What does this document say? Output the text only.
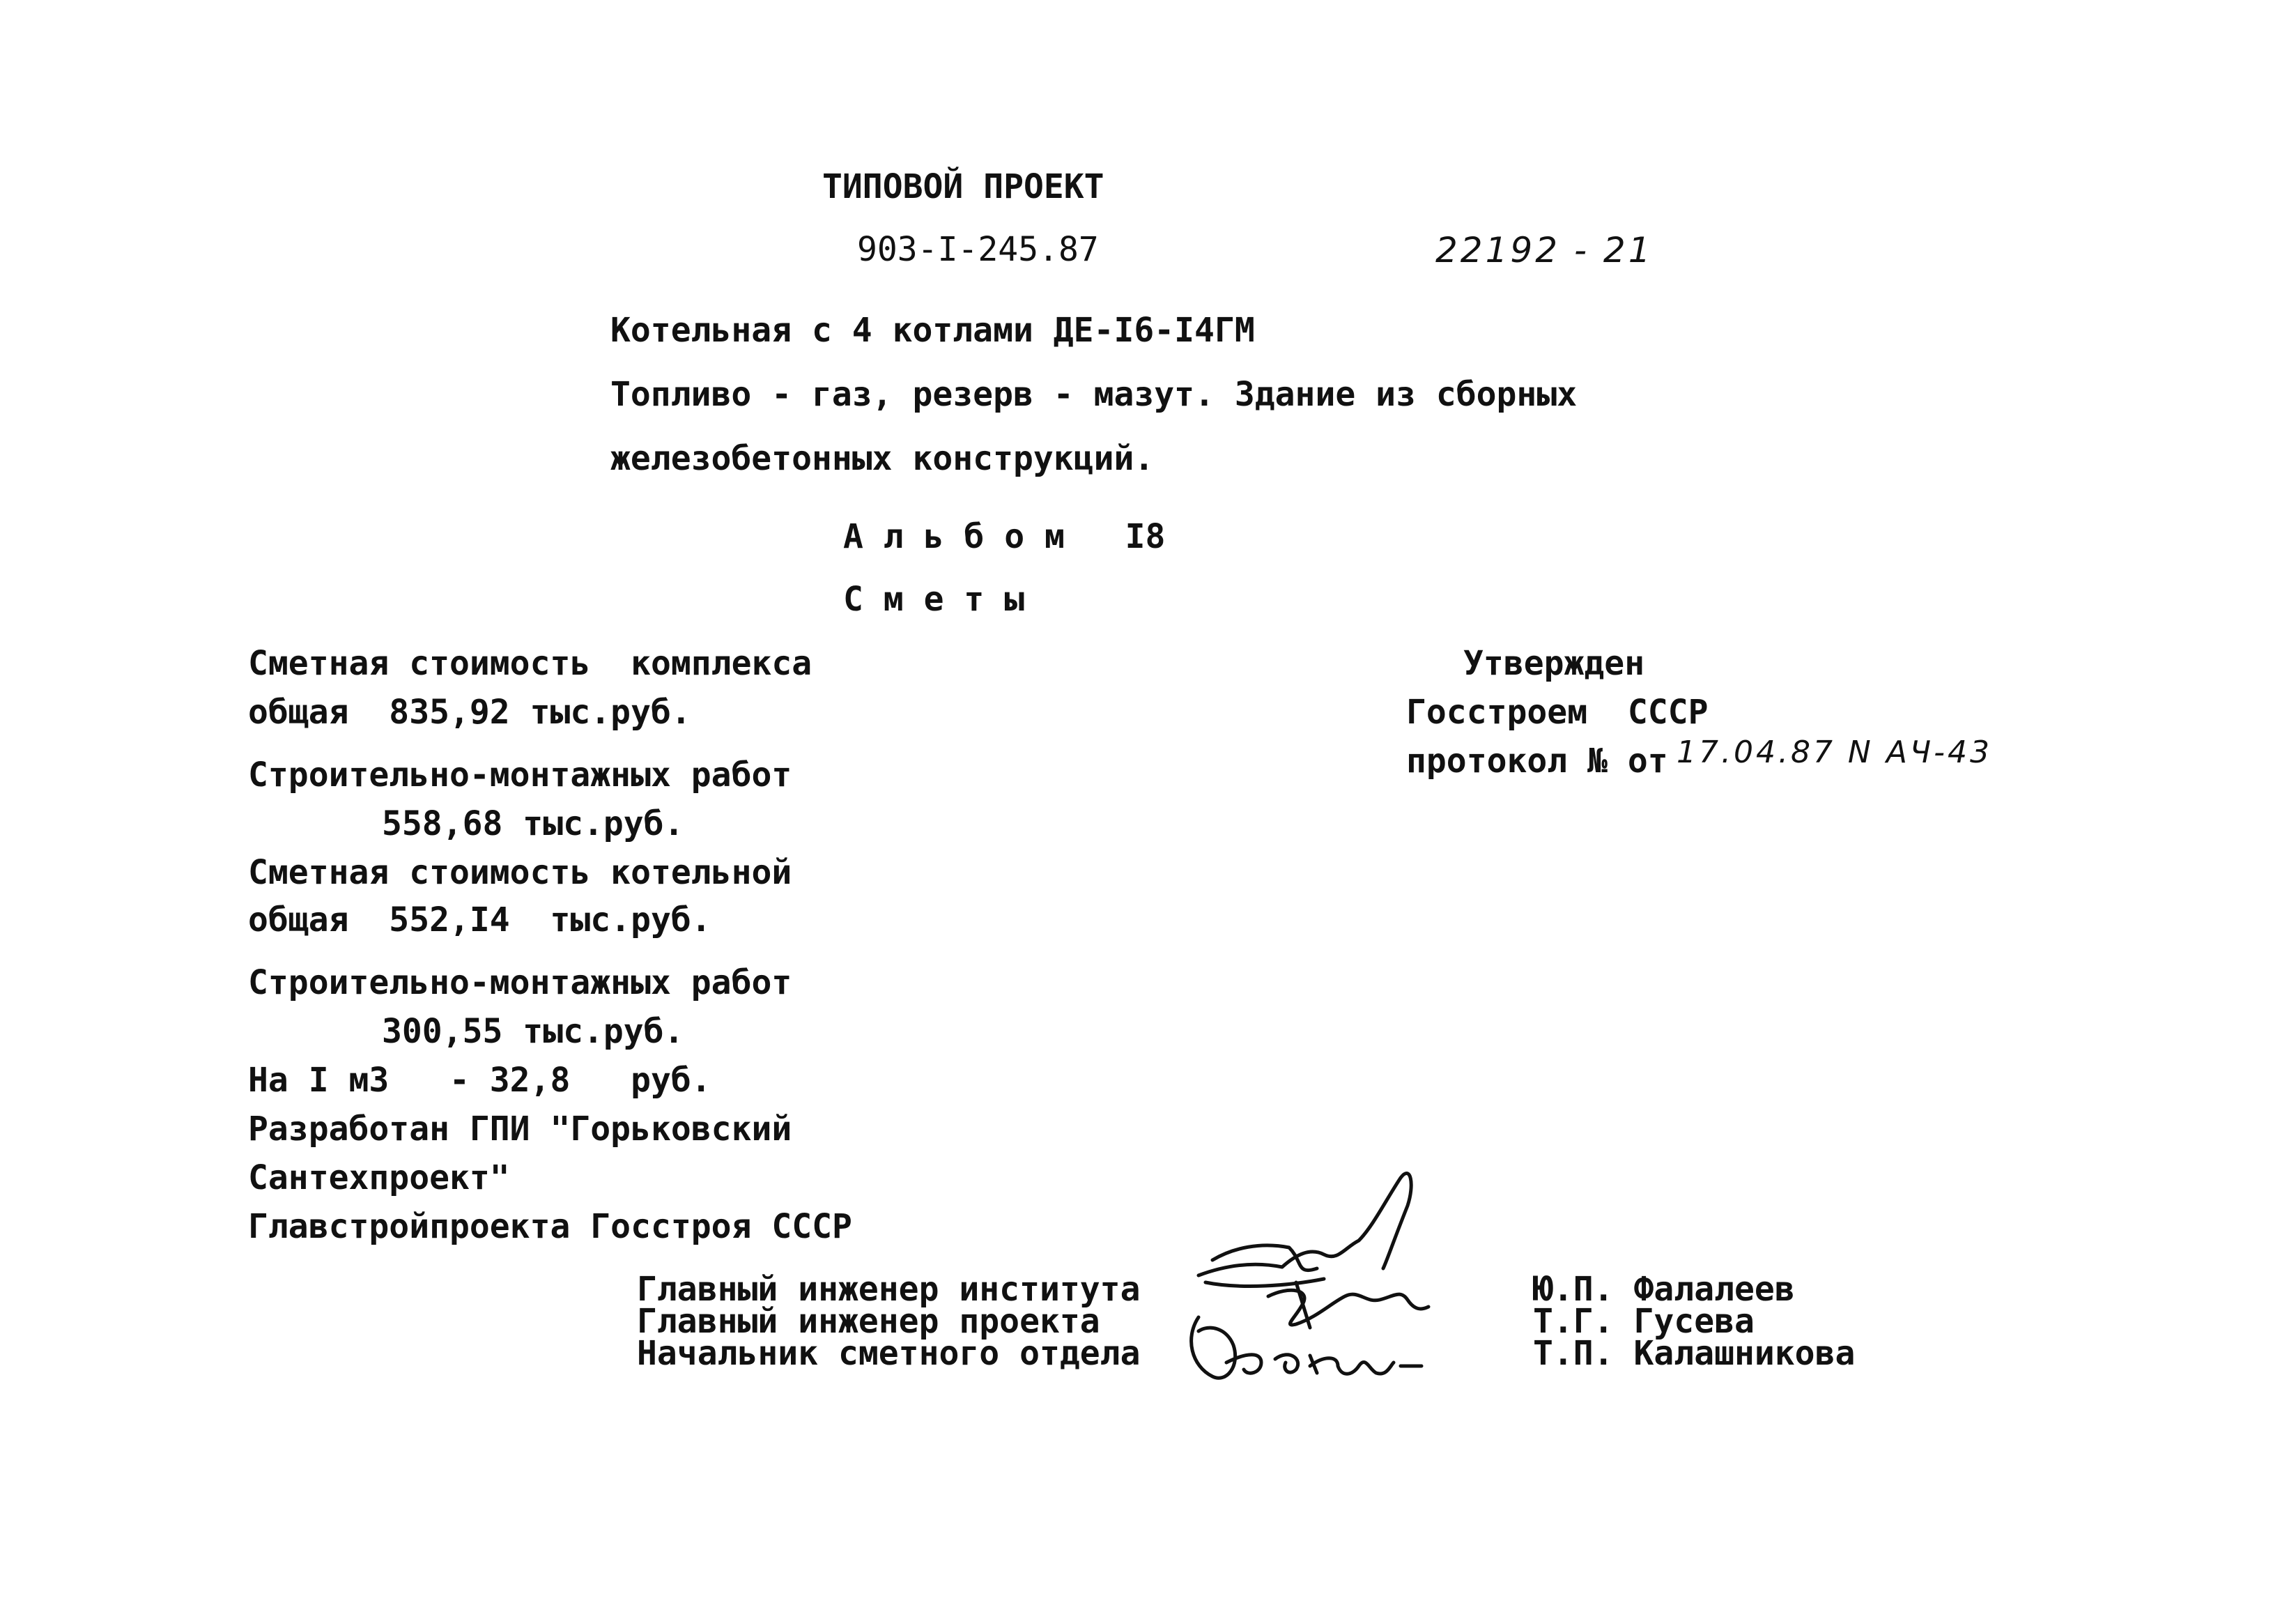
ТИПОВОЙ ПРОЕКТ
903-I-245.87	22192 - 21
Котельная с 4 котлами ДЕ-I6-I4ГМ
Топливо - газ, резерв - мазут. Здание из сборных
железобетонных конструкций.
А л ь б о м   I8
С м е т ы
Сметная стоимость  комплекса
общая  835,92 тыс.руб.
Строительно-монтажных работ
558,68 тыс.руб.
Сметная стоимость котельной
общая  552,I4  тыс.руб.
Строительно-монтажных работ
300,55 тыс.руб.
На I м3   - 32,8   руб.
Разработан ГПИ "Горьковский
Сантехпроект"
Главстройпроекта Госстроя СССР
Утвержден
Госстроем  СССР
протокол № от 17.04.87 N АЧ-43
Главный инженер института
Главный инженер проекта
Начальник сметного отдела
Ю.П. Фалалеев
Т.Г. Гусева
Т.П. Калашникова
